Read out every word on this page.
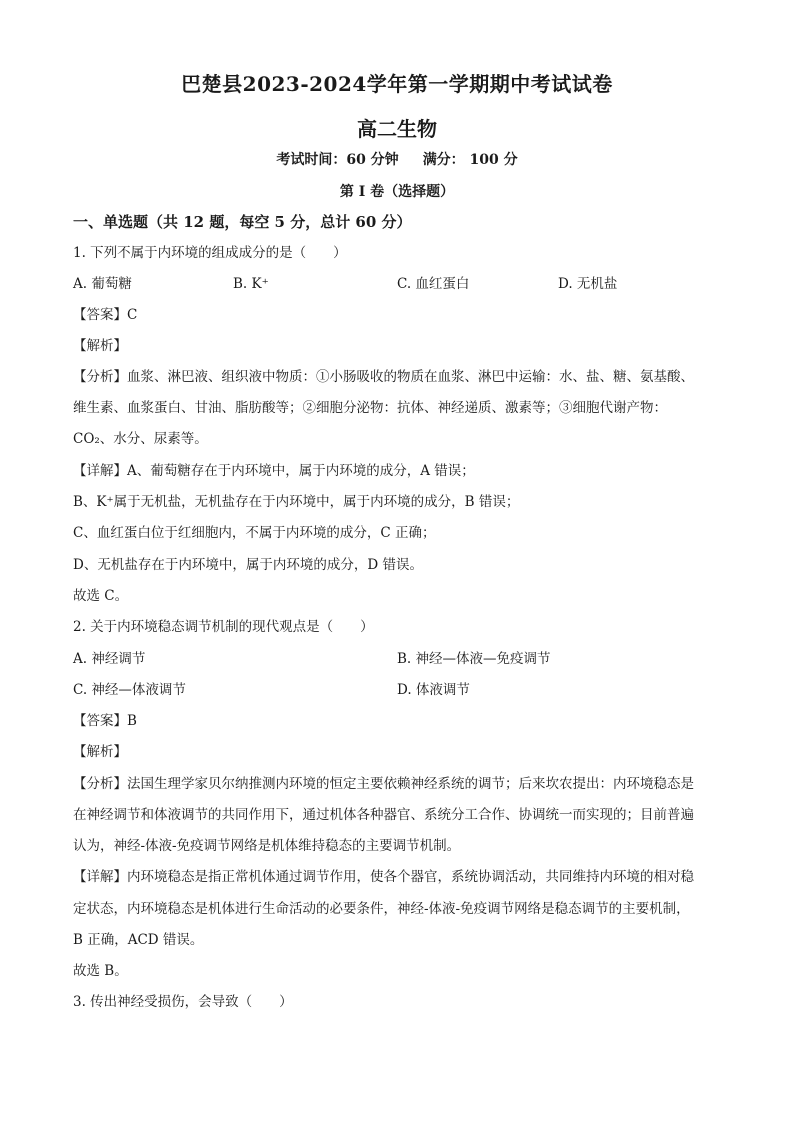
巴楚县2023-2024学年第一学期期中考试试卷
高二生物
考试时间：60 分钟 满分： 100 分
第 I 卷（选择题）
一、单选题（共 12 题，每空 5 分，总计 60 分）
1. 下列不属于内环境的组成成分的是（　　）
A. 葡萄糖	B. K⁺	C. 血红蛋白	D. 无机盐
【答案】C
【解析】
【分析】血浆、淋巴液、组织液中物质：①小肠吸收的物质在血浆、淋巴中运输：水、盐、糖、氨基酸、
维生素、血浆蛋白、甘油、脂肪酸等；②细胞分泌物：抗体、神经递质、激素等；③细胞代谢产物：
CO₂、水分、尿素等。
【详解】A、葡萄糖存在于内环境中，属于内环境的成分，A 错误；
B、K⁺属于无机盐，无机盐存在于内环境中，属于内环境的成分，B 错误；
C、血红蛋白位于红细胞内，不属于内环境的成分，C 正确；
D、无机盐存在于内环境中，属于内环境的成分，D 错误。
故选 C。
2. 关于内环境稳态调节机制的现代观点是（　　）
A. 神经调节	B. 神经—体液—免疫调节
C. 神经—体液调节	D. 体液调节
【答案】B
【解析】
【分析】法国生理学家贝尔纳推测内环境的恒定主要依赖神经系统的调节；后来坎农提出：内环境稳态是
在神经调节和体液调节的共同作用下，通过机体各种器官、系统分工合作、协调统一而实现的；目前普遍
认为，神经-体液-免疫调节网络是机体维持稳态的主要调节机制。
【详解】内环境稳态是指正常机体通过调节作用，使各个器官，系统协调活动，共同维持内环境的相对稳
定状态，内环境稳态是机体进行生命活动的必要条件，神经-体液-免疫调节网络是稳态调节的主要机制，
B 正确，ACD 错误。
故选 B。
3. 传出神经受损伤，会导致（　　）
